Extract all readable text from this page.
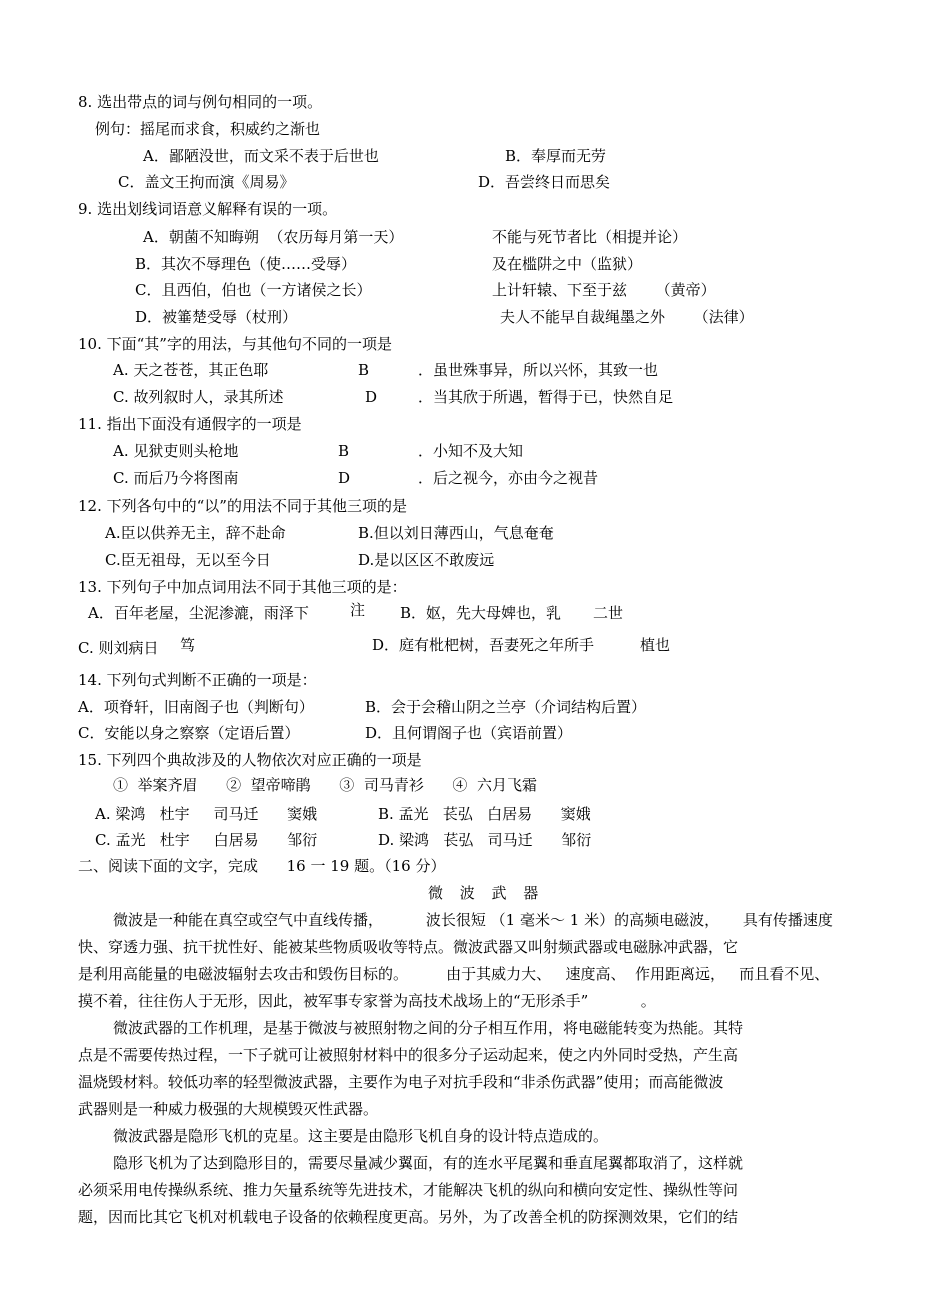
8. 选出带点的词与例句相同的一项。
例句：摇尾而求食，积威约之渐也
A．鄙陋没世，而文采不表于后世也	B．奉厚而无劳
C．盖文王拘而演《周易》	D．吾尝终日而思矣
9. 选出划线词语意义解释有误的一项。
A．朝菌不知晦朔  （农历每月第一天）	不能与死节者比（相提并论）
B．其次不辱理色（使……受辱）	及在槛阱之中（监狱）
C．且西伯，伯也（一方诸侯之长）	上计轩辕、下至于兹      （黄帝）
D．被箠楚受辱（杖刑）	夫人不能早自裁绳墨之外      （法律）
10. 下面“其”字的用法，与其他句不同的一项是
A. 天之苍苍，其正色耶	B	．虽世殊事异，所以兴怀，其致一也
C. 故列叙时人，录其所述	D	．当其欣于所遇，暂得于已，快然自足
11. 指出下面没有通假字的一项是
A. 见狱吏则头枪地	B	．小知不及大知
C. 而后乃今将图南	D	．后之视今，亦由今之视昔
12. 下列各句中的“以”的用法不同于其他三项的是
A.臣以供养无主，辞不赴命	B.但以刘日薄西山，气息奄奄
C.臣无祖母，无以至今日	D.是以区区不敢废远
13. 下列句子中加点词用法不同于其他三项的是：
A．百年老屋，尘泥渗漉，雨泽下	注 B．妪，先大母婢也，乳 二世
C. 则刘病日 笃	D．庭有枇杷树，吾妻死之年所手	植也
14. 下列句式判断不正确的一项是：
A．项脊轩，旧南阁子也（判断句）	B．会于会稽山阴之兰亭（介词结构后置）
C．安能以身之察察（定语后置）	D．且何谓阁子也（宾语前置）
15. 下列四个典故涉及的人物依次对应正确的一项是
①  举案齐眉      ②  望帝啼鹃      ③  司马青衫      ④  六月飞霜
A. 梁鸿   杜宇     司马迁      窦娥	B. 孟光   苌弘   白居易      窦娥
C. 孟光   杜宇     白居易      邹衍	D. 梁鸿   苌弘   司马迁      邹衍
二、阅读下面的文字，完成      16 一 19 题。（16 分）
微 波 武 器
微波是一种能在真空或空气中直线传播，         波长很短 （1 毫米～ 1 米）的高频电磁波，     具有传播速度
快、穿透力强、抗干扰性好、能被某些物质吸收等特点。微波武器又叫射频武器或电磁脉冲武器，它
是利用高能量的电磁波辐射去攻击和毁伤目标的。        由于其威力大、   速度高、  作用距离远，   而且看不见、
摸不着，往往伤人于无形，因此，被军事专家誉为高技术战场上的“无形杀手”           。
微波武器的工作机理，是基于微波与被照射物之间的分子相互作用，将电磁能转变为热能。其特
点是不需要传热过程，一下子就可让被照射材料中的很多分子运动起来，使之内外同时受热，产生高
温烧毁材料。较低功率的轻型微波武器，主要作为电子对抗手段和“非杀伤武器”使用；而高能微波
武器则是一种威力极强的大规模毁灭性武器。
微波武器是隐形飞机的克星。这主要是由隐形飞机自身的设计特点造成的。
隐形飞机为了达到隐形目的，需要尽量减少翼面，有的连水平尾翼和垂直尾翼都取消了，这样就
必须采用电传操纵系统、推力矢量系统等先进技术，才能解决飞机的纵向和横向安定性、操纵性等问
题，因而比其它飞机对机载电子设备的依赖程度更高。另外，为了改善全机的防探测效果，它们的结
